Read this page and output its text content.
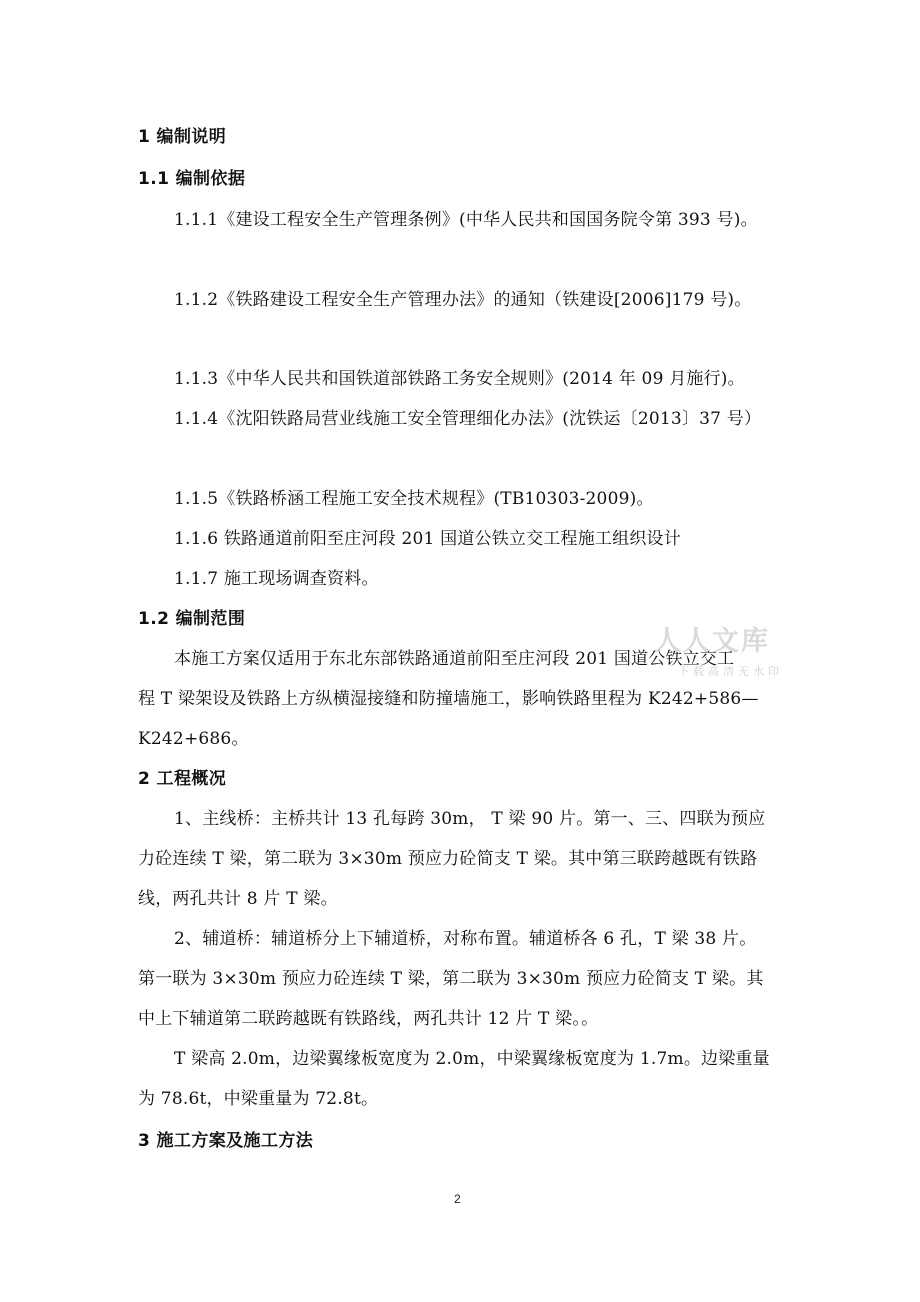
1 编制说明
1.1 编制依据
1.1.1《建设工程安全生产管理条例》(中华人民共和国国务院令第 393 号)。
1.1.2《铁路建设工程安全生产管理办法》的通知（铁建设[2006]179 号)。
1.1.3《中华人民共和国铁道部铁路工务安全规则》(2014 年 09 月施行)。
1.1.4《沈阳铁路局营业线施工安全管理细化办法》(沈铁运〔2013〕37 号）
1.1.5《铁路桥涵工程施工安全技术规程》(TB10303-2009)。
1.1.6 铁路通道前阳至庄河段 201 国道公铁立交工程施工组织设计
1.1.7 施工现场调查资料。
1.2 编制范围
本施工方案仅适用于东北东部铁路通道前阳至庄河段 201 国道公铁立交工
程 T 梁架设及铁路上方纵横湿接缝和防撞墙施工，影响铁路里程为 K242+586—
K242+686。
2 工程概况
1、主线桥：主桥共计 13 孔每跨 30m， T 梁 90 片。第一、三、四联为预应
力砼连续 T 梁，第二联为 3×30m 预应力砼简支 T 梁。其中第三联跨越既有铁路
线，两孔共计 8 片 T 梁。
2、辅道桥：辅道桥分上下辅道桥，对称布置。辅道桥各 6 孔，T 梁 38 片。
第一联为 3×30m 预应力砼连续 T 梁，第二联为 3×30m 预应力砼简支 T 梁。其
中上下辅道第二联跨越既有铁路线，两孔共计 12 片 T 梁。。
T 梁高 2.0m，边梁翼缘板宽度为 2.0m，中梁翼缘板宽度为 1.7m。边梁重量
为 78.6t，中梁重量为 72.8t。
3 施工方案及施工方法
人人文库
下载高清无水印
2
